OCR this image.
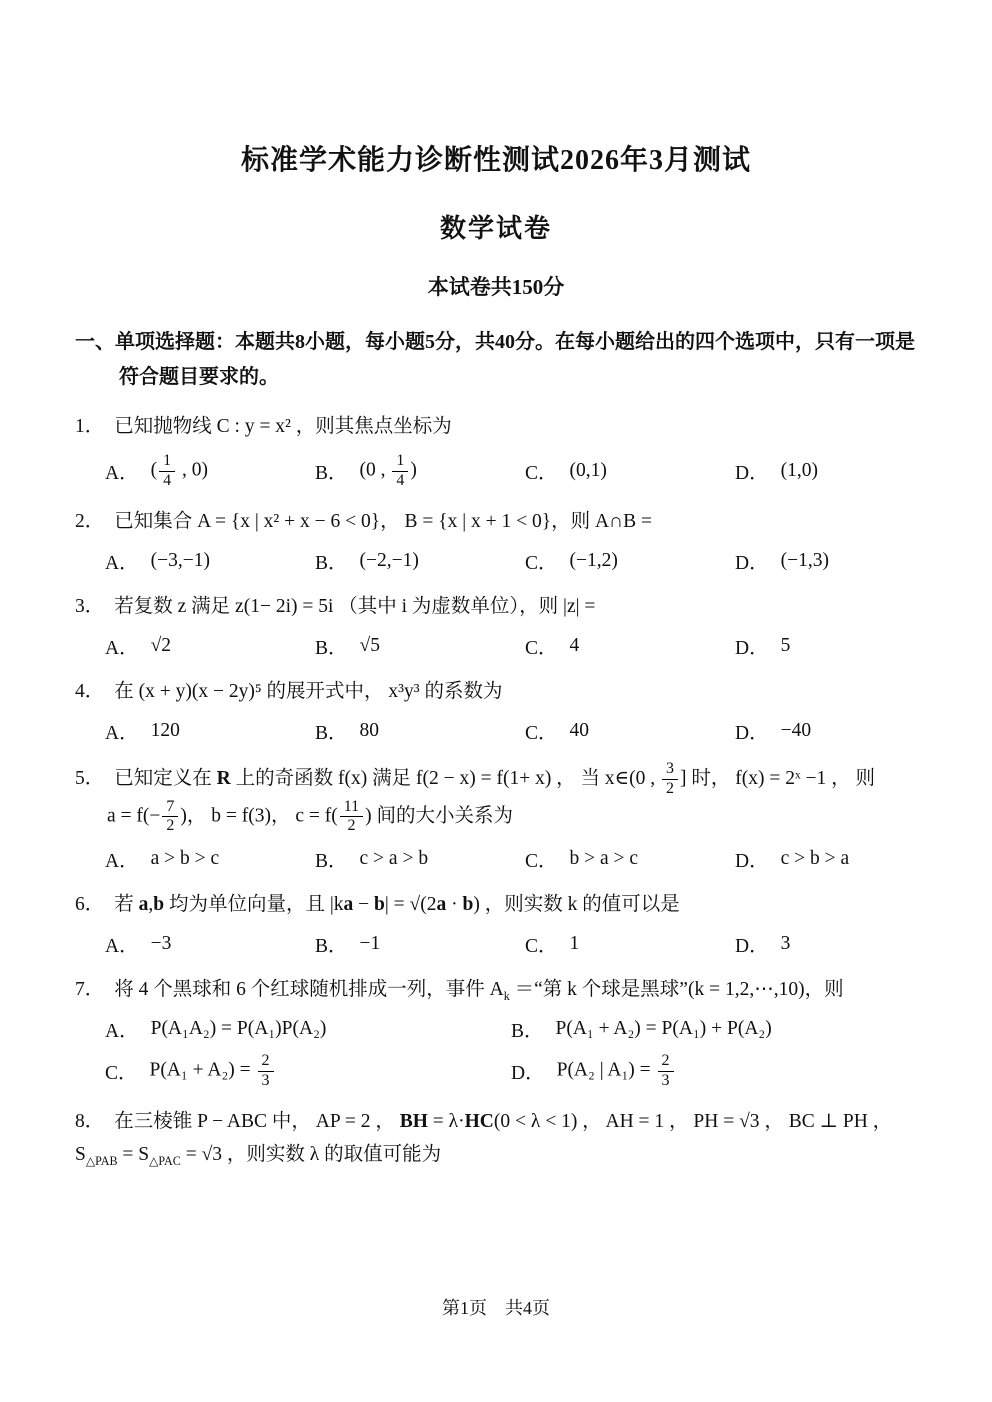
标准学术能力诊断性测试2026年3月测试
数学试卷
本试卷共150分

一、单项选择题：本题共8小题，每小题5分，共40分。在每小题给出的四个选项中，只有一项是符合题目要求的。

1． 已知抛物线 C : y = x² ，则其焦点坐标为
A． ( $\frac{1}{4}$ , 0)	B． (0 , $\frac{1}{4}$ )	C． (0,1)	D． (1,0)
2． 已知集合 A = {x | x² + x − 6 < 0}， B = {x | x + 1 < 0}，则 A∩B =
A． (−3,−1)	B． (−2,−1)	C． (−1,2)	D． (−1,3)
3． 若复数 z 满足 z(1− 2i) = 5i （其中 i 为虚数单位），则 |z| =
A． √2	B． √5	C． 4	D． 5
4． 在 (x + y)(x − 2y)⁵ 的展开式中， x³y³ 的系数为
A． 120	B． 80	C． 40	D． −40
5． 已知定义在 R 上的奇函数 f(x) 满足 f(2 − x) = f(1+ x) ， 当 x∈(0 , $\frac{3}{2}$ ] 时， f(x) = 2ˣ −1 ， 则
$a = f(- \frac{7}{2}$ )， b = f(3)， $c = f( \frac{11}{2}$ ) 间的大小关系为
A． a > b > c	B． c > a > b	C． b > a > c	D． c > b > a
6． 若 a,b 均为单位向量，且 |ka − b| = √(2a · b) ，则实数 k 的值可以是
A． −3	B． −1	C． 1	D． 3
7． 将 4 个黑球和 6 个红球随机排成一列，事件 $A_k$ ＝“第 k 个球是黑球”(k = 1,2,⋯,10)，则
A． P(A₁A₂) = P(A₁)P(A₂)	B． P(A₁ + A₂) = P(A₁) + P(A₂)
C． $P(A_1 + A_2) = \frac{2}{3}$	D． P(A₂ | $A_1) = \frac{2}{3}$
8． 在三棱锥 P − ABC 中， AP = 2 ， BH = λ·HC(0 < λ < 1) ， AH = 1 ， PH = √3 ， BC ⊥ PH ，
$S_{\triangle PAB} = S_{\triangle PAC} = √3$ ，则实数 λ 的取值可能为
第1页　共4页
